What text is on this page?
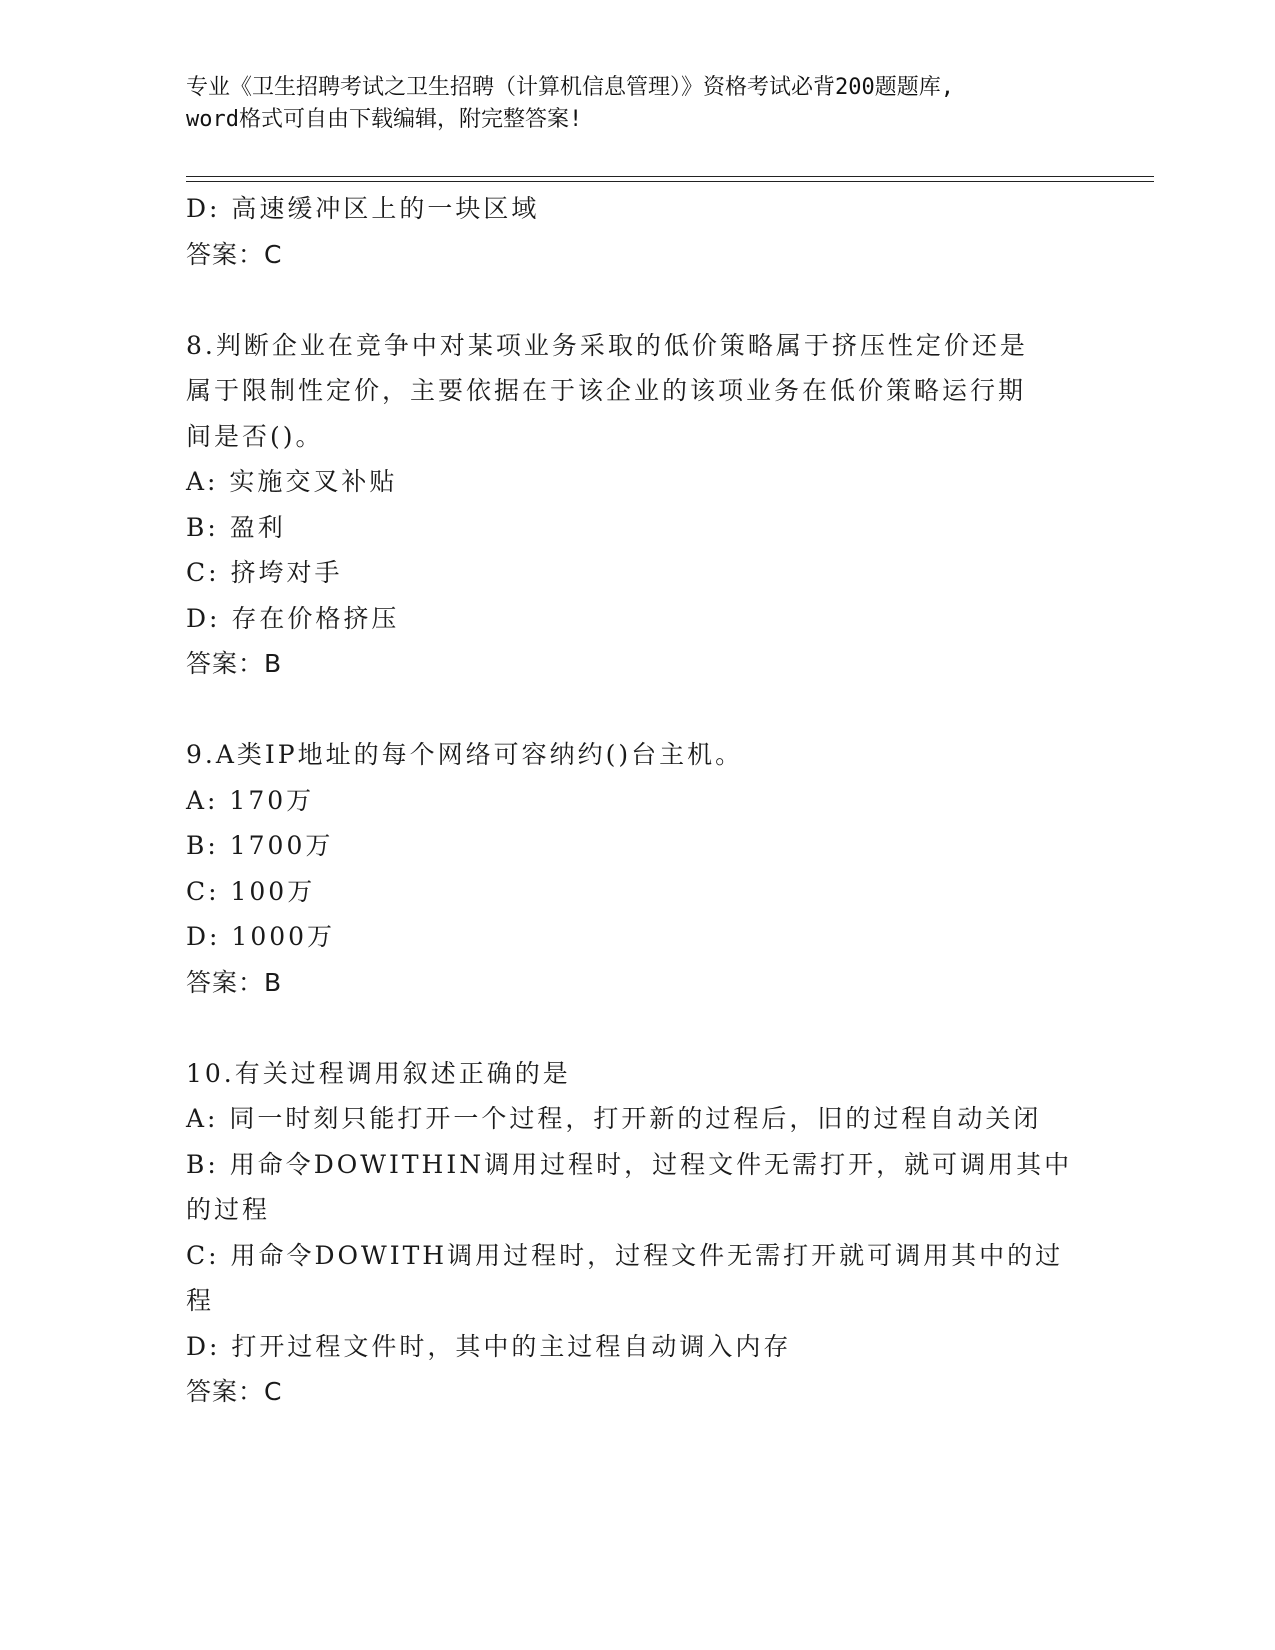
专业《卫生招聘考试之卫生招聘（计算机信息管理）》资格考试必背200题题库,
word格式可自由下载编辑，附完整答案!
D: 高速缓冲区上的一块区域
答案：C
8.判断企业在竞争中对某项业务采取的低价策略属于挤压性定价还是
属于限制性定价，主要依据在于该企业的该项业务在低价策略运行期
间是否()。
A: 实施交叉补贴
B: 盈利
C: 挤垮对手
D: 存在价格挤压
答案：B
9.A类IP地址的每个网络可容纳约()台主机。
A: 170万
B: 1700万
C: 100万
D: 1000万
答案：B
10.有关过程调用叙述正确的是
A: 同一时刻只能打开一个过程，打开新的过程后，旧的过程自动关闭
B: 用命令DOWITHIN调用过程时，过程文件无需打开，就可调用其中
的过程
C: 用命令DOWITH调用过程时，过程文件无需打开就可调用其中的过
程
D: 打开过程文件时，其中的主过程自动调入内存
答案：C
